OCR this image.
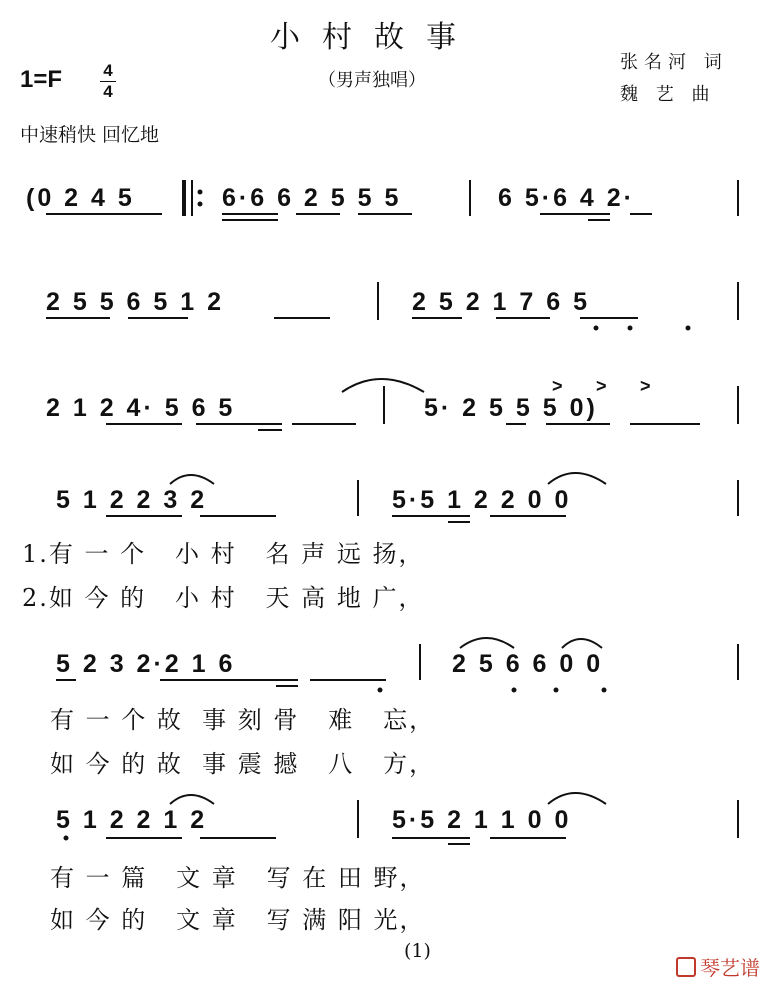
小村故事
（男声独唱）
张名河 词
魏 艺 曲
1=F 4
4
中速稍快 回忆地
(0 2 4 5	6·6 6 2 5 5 5	6 5·6 4 2·
2 5 5 6 5 1 2	2 5 2 1 7 6 5
2 1 2 4· 5 6 5	5· 2 5 5 5 0)
5 1 2 2 3 2	5·5 1 2 2 0 0
1.有 一 个   小 村   名 声 远 扬，
2.如 今 的   小 村   天 高 地 广，
5 2 3 2·2 1 6	2 5 6 6 0 0
有 一 个 故  事 刻 骨   难   忘，
如 今 的 故  事 震 撼   八   方，
5 1 2 2 1 2	5·5 2 1 1 0 0
有 一 篇   文 章   写 在 田 野，
如 今 的   文 章   写 满 阳 光，
> > >
(1)
琴艺谱
